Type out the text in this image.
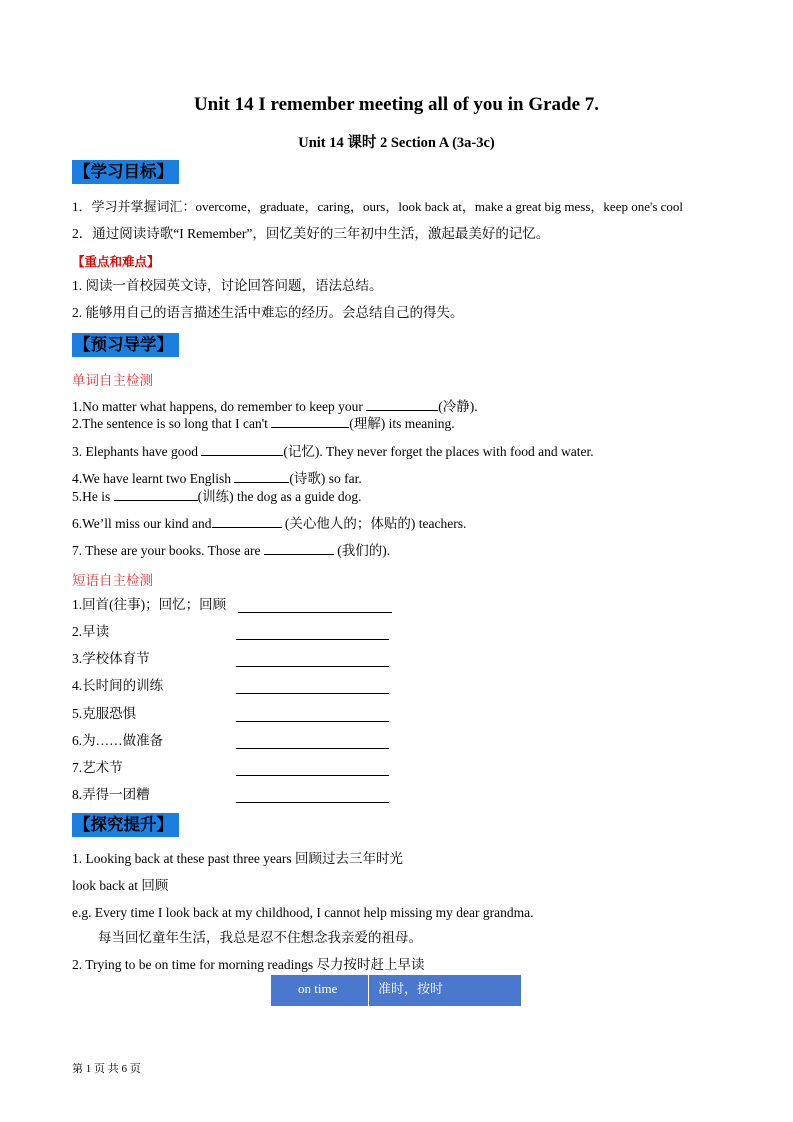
Unit 14 I remember meeting all of you in Grade 7.
Unit 14 课时 2 Section A (3a-3c)
【学习目标】
1．学习并掌握词汇：overcome，graduate，caring，ours，look back at，make a great big mess，keep one's cool
2．通过阅读诗歌“I Remember”，回忆美好的三年初中生活，激起最美好的记忆。
【重点和难点】
1. 阅读一首校园英文诗，讨论回答问题，语法总结。
2. 能够用自己的语言描述生活中难忘的经历。会总结自己的得失。
【预习导学】
单词自主检测
1.No matter what happens, do remember to keep your	(冷静).
2.The sentence is so long that I can't	(理解) its meaning.
3. Elephants have good	(记忆). They never forget the places with food and water.
4.We have learnt two English	(诗歌) so far.
5.He is	(训练) the dog as a guide dog.
6.We’ll miss our kind and	(关心他人的；体贴的) teachers.
7. These are your books. Those are	(我们的).
短语自主检测
1.回首(往事)；回忆；回顾
2.早读
3.学校体育节
4.长时间的训练
5.克服恐惧
6.为……做准备
7.艺术节
8.弄得一团糟
【探究提升】
1. Looking back at these past three years 回顾过去三年时光
look back at 回顾
e.g. Every time I look back at my childhood, I cannot help missing my dear grandma.
每当回忆童年生活，我总是忍不住想念我亲爱的祖母。
2. Trying to be on time for morning readings 尽力按时赶上早读
on time	准时，按时
第 1 页 共 6 页
